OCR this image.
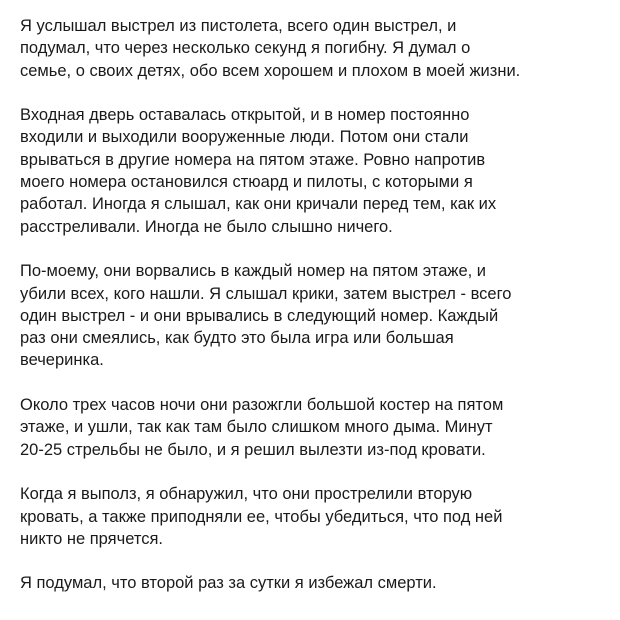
Я услышал выстрел из пистолета, всего один выстрел, и
подумал, что через несколько секунд я погибну. Я думал о
семье, о своих детях, обо всем хорошем и плохом в моей жизни.

Входная дверь оставалась открытой, и в номер постоянно
входили и выходили вооруженные люди. Потом они стали
врываться в другие номера на пятом этаже. Ровно напротив
моего номера остановился стюард и пилоты, с которыми я
работал. Иногда я слышал, как они кричали перед тем, как их
расстреливали. Иногда не было слышно ничего.

По-моему, они ворвались в каждый номер на пятом этаже, и
убили всех, кого нашли. Я слышал крики, затем выстрел - всего
один выстрел - и они врывались в следующий номер. Каждый
раз они смеялись, как будто это была игра или большая
вечеринка.

Около трех часов ночи они разожгли большой костер на пятом
этаже, и ушли, так как там было слишком много дыма. Минут
20-25 стрельбы не было, и я решил вылезти из-под кровати.

Когда я выполз, я обнаружил, что они прострелили вторую
кровать, а также приподняли ее, чтобы убедиться, что под ней
никто не прячется.

Я подумал, что второй раз за сутки я избежал смерти.
